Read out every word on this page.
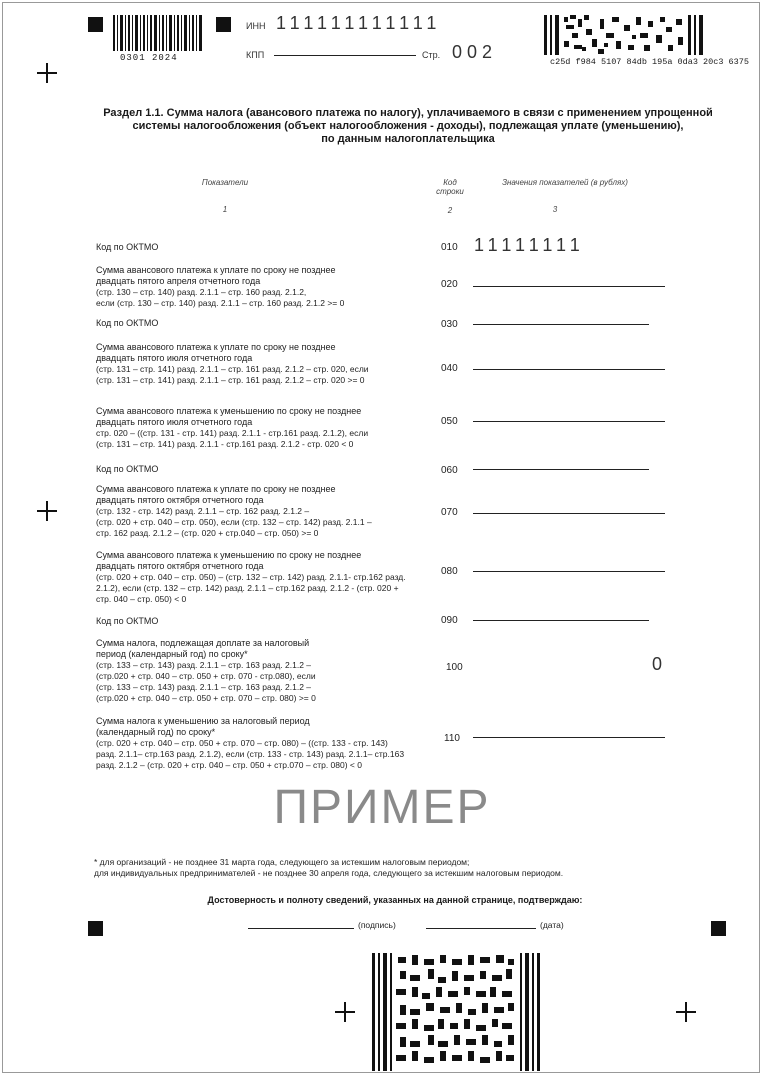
0301 2024
ИНН 111111111111
КПП	Стр. 002	c25d f984 5107 84db 195a 0da3 20c3 6375
Раздел 1.1. Сумма налога (авансового платежа по налогу), уплачиваемого в связи с применением упрощенной
системы налогообложения (объект налогообложения - доходы), подлежащая уплате (уменьшению),
по данным налогоплательщика
Показатели	Код
строки
Значения показателей (в рублях)
1	2	3
Код по ОКТМО	010 11111111
Сумма авансового платежа к уплате по сроку не позднее
двадцать пятого апреля отчетного года
(стр. 130 – стр. 140) разд. 2.1.1 – стр. 160 разд. 2.1.2,
если (стр. 130 – стр. 140) разд. 2.1.1 – стр. 160 разд. 2.1.2 >= 0
020
Код по ОКТМО	030
Сумма авансового платежа к уплате по сроку не позднее
двадцать пятого июля отчетного года
(стр. 131 – стр. 141) разд. 2.1.1 – стр. 161 разд. 2.1.2 – стр. 020, если
(стр. 131 – стр. 141) разд. 2.1.1 – стр. 161 разд. 2.1.2 – стр. 020 >= 0
040
Сумма авансового платежа к уменьшению по сроку не позднее
двадцать пятого июля отчетного года
стр. 020 – ((стр. 131 - стр. 141) разд. 2.1.1 - стр.161 разд. 2.1.2), если
(стр. 131 – стр. 141) разд. 2.1.1 - стр.161 разд. 2.1.2 - стр. 020 < 0
050
Код по ОКТМО	060
Сумма авансового платежа к уплате по сроку не позднее
двадцать пятого октября отчетного года
(стр. 132 - стр. 142) разд. 2.1.1 – стр. 162 разд. 2.1.2 –
(стр. 020 + стр. 040 – стр. 050), если (стр. 132 – стр. 142) разд. 2.1.1 –
стр. 162 разд. 2.1.2 – (стр. 020 + стр.040 – стр. 050) >= 0
070
Сумма авансового платежа к уменьшению по сроку не позднее
двадцать пятого октября отчетного года
(стр. 020 + стр. 040 – стр. 050) – (стр. 132 – стр. 142) разд. 2.1.1- стр.162 разд.
2.1.2), если (стр. 132 – стр. 142) разд. 2.1.1 – стр.162 разд. 2.1.2 - (стр. 020 +
стр. 040 – стр. 050) < 0
080
Код по ОКТМО	090
Сумма налога, подлежащая доплате за налоговый
период (календарный год) по сроку*
(стр. 133 – стр. 143) разд. 2.1.1 – стр. 163 разд. 2.1.2 –
(стр.020 + стр. 040 – стр. 050 + стр. 070 - стр.080), если
(стр. 133 – стр. 143) разд. 2.1.1 – стр. 163 разд. 2.1.2 –
(стр.020 + стр. 040 – стр. 050 + стр. 070 – стр. 080) >= 0
100	0
Сумма налога к уменьшению за налоговый период
(календарный год) по сроку*
(стр. 020 + стр. 040 – стр. 050 + стр. 070 – стр. 080) – ((стр. 133 - стр. 143)
разд. 2.1.1– стр.163 разд. 2.1.2), если (стр. 133 - стр. 143) разд. 2.1.1– стр.163
разд. 2.1.2 – (стр. 020 + стр. 040 – стр. 050 + стр.070 – стр. 080) < 0
110
ПРИМЕР
* для организаций - не позднее 31 марта года, следующего за истекшим налоговым периодом;
для индивидуальных предпринимателей - не позднее 30 апреля года, следующего за истекшим налоговым периодом.
Достоверность и полноту сведений, указанных на данной странице, подтверждаю:
(подпись)	(дата)
